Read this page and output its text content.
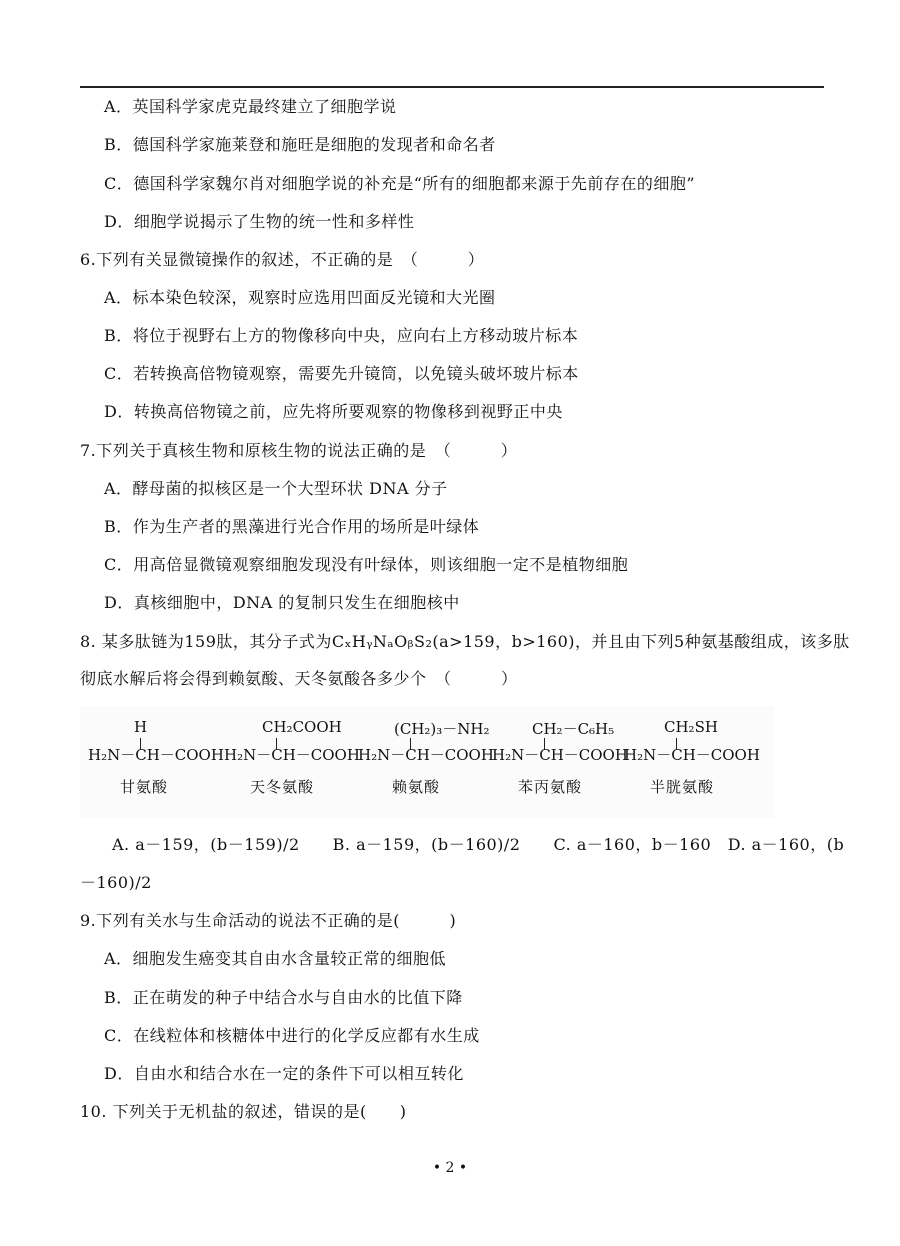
A．英国科学家虎克最终建立了细胞学说
B．德国科学家施莱登和施旺是细胞的发现者和命名者
C．德国科学家魏尔肖对细胞学说的补充是“所有的细胞都来源于先前存在的细胞”
D．细胞学说揭示了生物的统一性和多样性
6.下列有关显微镜操作的叙述，不正确的是　（　　　）
A．标本染色较深，观察时应选用凹面反光镜和大光圈
B．将位于视野右上方的物像移向中央，应向右上方移动玻片标本
C．若转换高倍物镜观察，需要先升镜筒，以免镜头破坏玻片标本
D．转换高倍物镜之前，应先将所要观察的物像移到视野正中央
7.下列关于真核生物和原核生物的说法正确的是　（　　　）
A．酵母菌的拟核区是一个大型环状 DNA 分子
B．作为生产者的黑藻进行光合作用的场所是叶绿体
C．用高倍显微镜观察细胞发现没有叶绿体，则该细胞一定不是植物细胞
D．真核细胞中，DNA 的复制只发生在细胞核中
8. 某多肽链为159肽，其分子式为CₓHᵧNₐOᵦS₂(a>159，b>160)，并且由下列5种氨基酸组成，该多肽
彻底水解后将会得到赖氨酸、天冬氨酸各多少个　（　　　）
H
H₂N－CH－COOH
甘氨酸
CH₂COOH
H₂N－CH－COOH
天冬氨酸
(CH₂)₃－NH₂
H₂N－CH－COOH
赖氨酸
CH₂－C₆H₅
H₂N－CH－COOH
苯丙氨酸
CH₂SH
H₂N－CH－COOH
半胱氨酸
A. a－159，(b－159)/2　　B. a－159，(b－160)/2　　C. a－160，b－160　D. a－160，(b
－160)/2
9.下列有关水与生命活动的说法不正确的是(　　　)
A．细胞发生癌变其自由水含量较正常的细胞低
B．正在萌发的种子中结合水与自由水的比值下降
C．在线粒体和核糖体中进行的化学反应都有水生成
D．自由水和结合水在一定的条件下可以相互转化
10. 下列关于无机盐的叙述，错误的是(　　)
• 2 •
